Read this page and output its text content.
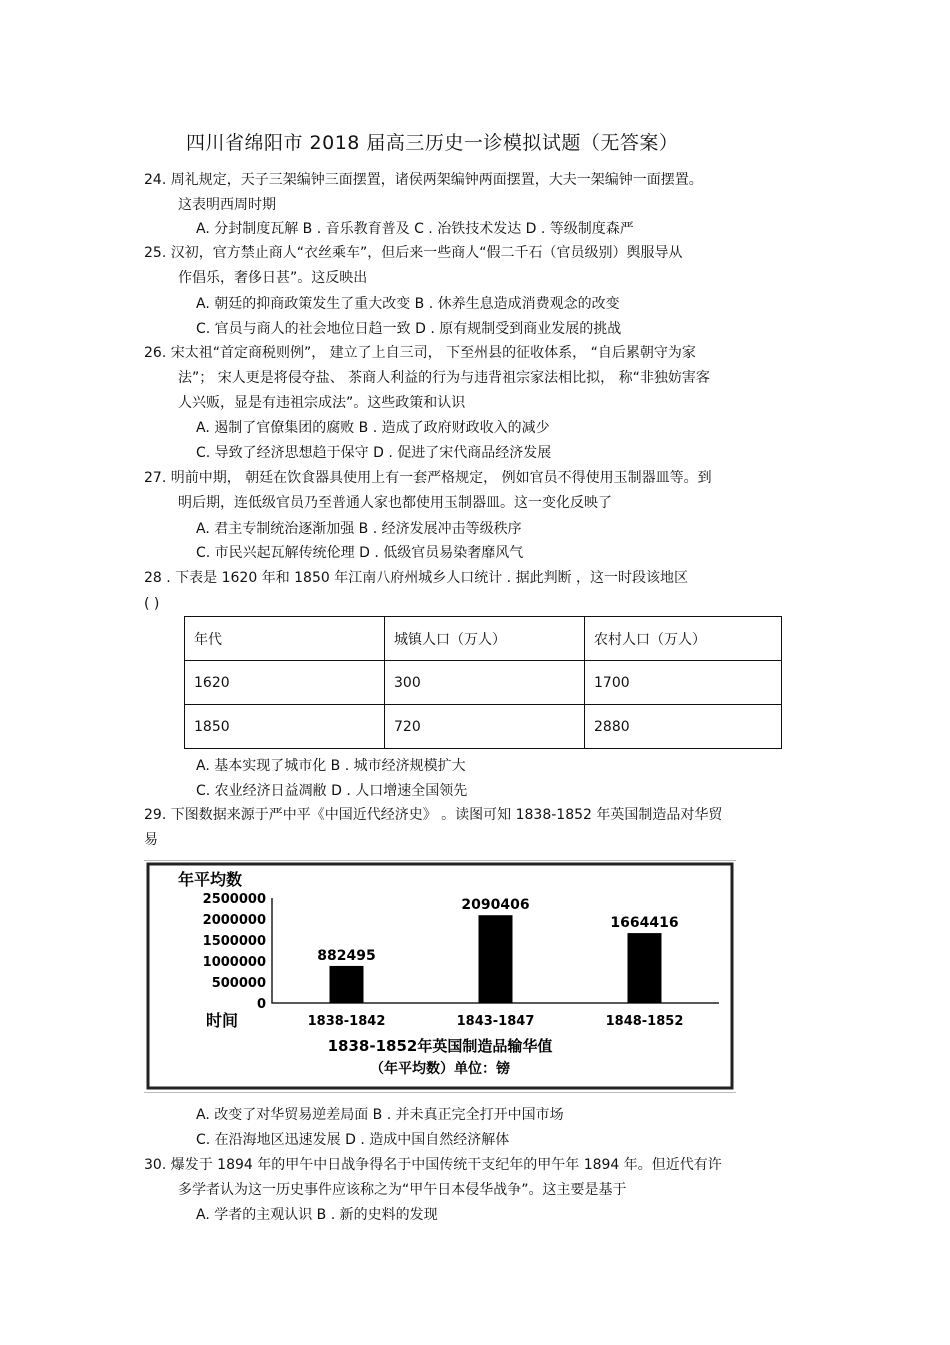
四川省绵阳市 2018 届高三历史一诊模拟试题（无答案）
24. 周礼规定，天子三架编钟三面摆置，诸侯两架编钟两面摆置，大夫一架编钟一面摆置。
这表明西周时期
A. 分封制度瓦解 B . 音乐教育普及 C . 冶铁技术发达 D . 等级制度森严
25. 汉初，官方禁止商人“衣丝乘车”，但后来一些商人“假二千石（官员级别）舆服导从
作倡乐，奢侈日甚”。这反映出
A. 朝廷的抑商政策发生了重大改变 B . 休养生息造成消费观念的改变
C. 官员与商人的社会地位日趋一致 D . 原有规制受到商业发展的挑战
26. 宋太祖“首定商税则例”， 建立了上自三司， 下至州县的征收体系， “自后累朝守为家
法”； 宋人更是将侵夺盐、 茶商人利益的行为与违背祖宗家法相比拟， 称“非独妨害客
人兴贩，显是有违祖宗成法”。这些政策和认识
A. 遏制了官僚集团的腐败 B . 造成了政府财政收入的减少
C. 导致了经济思想趋于保守 D . 促进了宋代商品经济发展
27. 明前中期， 朝廷在饮食器具使用上有一套严格规定， 例如官员不得使用玉制器皿等。到
明后期，连低级官员乃至普通人家也都使用玉制器皿。这一变化反映了
A. 君主专制统治逐渐加强 B . 经济发展冲击等级秩序
C. 市民兴起瓦解传统伦理 D . 低级官员易染奢靡风气
28 . 下表是 1620 年和 1850 年江南八府州城乡人口统计 . 据此判断 ，这一时段该地区
( )
年代	城镇人口（万人）	农村人口（万人）
1620	300	1700
1850	720	2880
A. 基本实现了城市化 B . 城市经济规模扩大
C. 农业经济日益凋敝 D . 人口增速全国领先
29. 下图数据来源于严中平《中国近代经济史》 。读图可知 1838-1852 年英国制造品对华贸
易
年平均数
2500000
2000000
1500000
1000000
500000
0
882495
1838-1842
2090406
1843-1847
1664416
1848-1852
时间
1838-1852年英国制造品输华值
（年平均数）单位：镑
A. 改变了对华贸易逆差局面 B . 并未真正完全打开中国市场
C. 在沿海地区迅速发展 D . 造成中国自然经济解体
30. 爆发于 1894 年的甲午中日战争得名于中国传统干支纪年的甲午年 1894 年。但近代有许
多学者认为这一历史事件应该称之为“甲午日本侵华战争”。这主要是基于
A. 学者的主观认识 B . 新的史料的发现
